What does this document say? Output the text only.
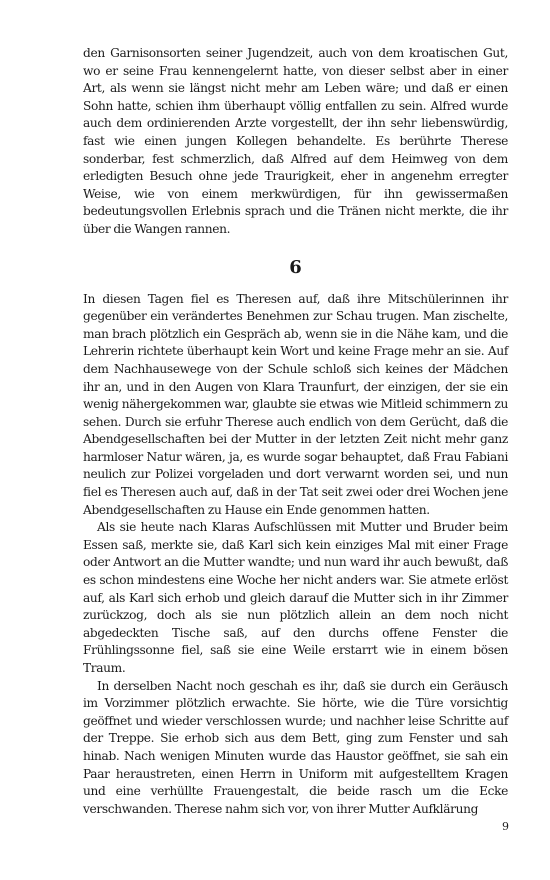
den Garnisonsorten seiner Jugendzeit, auch von dem kroatischen Gut, wo er seine Frau kennengelernt hatte, von dieser selbst aber in einer Art, als wenn sie längst nicht mehr am Leben wäre; und daß er einen Sohn hatte, schien ihm überhaupt völlig entfallen zu sein. Alfred wurde auch dem ordinierenden Arzte vorgestellt, der ihn sehr liebenswürdig, fast wie einen jungen Kollegen behandelte. Es berührte Therese sonderbar, fest schmerzlich, daß Alfred auf dem Heimweg von dem erledigten Besuch ohne jede Traurigkeit, eher in angenehm erregter Weise, wie von einem merkwürdigen, für ihn gewissermaßen bedeutungsvollen Erlebnis sprach und die Tränen nicht merkte, die ihr über die Wangen rannen.

6

In diesen Tagen fiel es Theresen auf, daß ihre Mitschülerinnen ihr gegenüber ein verändertes Benehmen zur Schau trugen. Man zischelte, man brach plötzlich ein Gespräch ab, wenn sie in die Nähe kam, und die Lehrerin richtete überhaupt kein Wort und keine Frage mehr an sie. Auf dem Nachhausewege von der Schule schloß sich keines der Mädchen ihr an, und in den Augen von Klara Traunfurt, der einzigen, der sie ein wenig nähergekommen war, glaubte sie etwas wie Mitleid schimmern zu sehen. Durch sie erfuhr Therese auch endlich von dem Gerücht, daß die Abendgesellschaften bei der Mutter in der letzten Zeit nicht mehr ganz harmloser Natur wären, ja, es wurde sogar behauptet, daß Frau Fabiani neulich zur Polizei vorgeladen und dort verwarnt worden sei, und nun fiel es Theresen auch auf, daß in der Tat seit zwei oder drei Wochen jene Abendgesellschaften zu Hause ein Ende genommen hatten.

Als sie heute nach Klaras Aufschlüssen mit Mutter und Bruder beim Essen saß, merkte sie, daß Karl sich kein einziges Mal mit einer Frage oder Antwort an die Mutter wandte; und nun ward ihr auch bewußt, daß es schon mindestens eine Woche her nicht anders war. Sie atmete erlöst auf, als Karl sich erhob und gleich darauf die Mutter sich in ihr Zimmer zurückzog, doch als sie nun plötzlich allein an dem noch nicht abgedeckten Tische saß, auf den durchs offene Fenster die Frühlingssonne fiel, saß sie eine Weile erstarrt wie in einem bösen Traum.

In derselben Nacht noch geschah es ihr, daß sie durch ein Geräusch im Vorzimmer plötzlich erwachte. Sie hörte, wie die Türe vorsichtig geöffnet und wieder verschlossen wurde; und nachher leise Schritte auf der Treppe. Sie erhob sich aus dem Bett, ging zum Fenster und sah hinab. Nach wenigen Minuten wurde das Haustor geöffnet, sie sah ein Paar heraustreten, einen Herrn in Uniform mit aufgestelltem Kragen und eine verhüllte Frauengestalt, die beide rasch um die Ecke verschwanden. Therese nahm sich vor, von ihrer Mutter Aufklärung

9
